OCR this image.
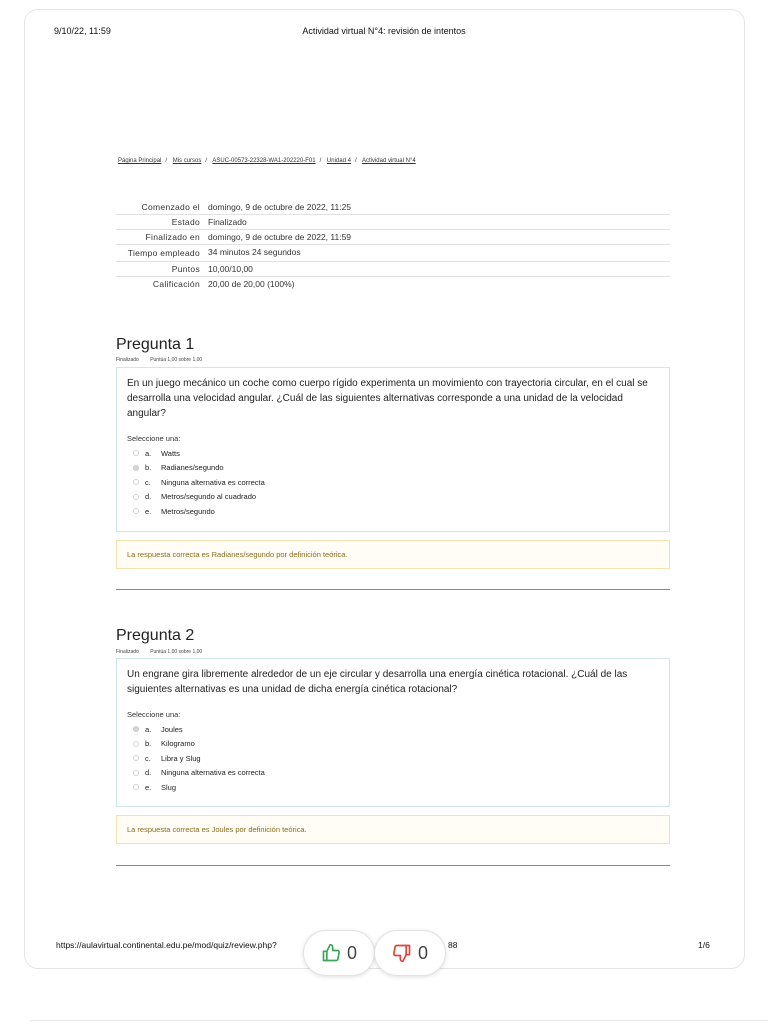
9/10/22, 11:59	Actividad virtual N°4: revisión de intentos
Página Principal / Mis cursos / ASUC-00573-22328-WA1-202220-F01 / Unidad 4 / Actividad virtual N°4
Comenzado el	domingo, 9 de octubre de 2022, 11:25
Estado	Finalizado
Finalizado en	domingo, 9 de octubre de 2022, 11:59
Tiempo empleado	34 minutos 24 segundos
Puntos	10,00/10,00
Calificación	20,00 de 20,00 (100%)
Pregunta 1
Finalizado Puntúa 1,00 sobre 1,00
En un juego mecánico un coche como cuerpo rígido experimenta un movimiento con trayectoria circular, en el cual se desarrolla una velocidad angular. ¿Cuál de las siguientes alternativas corresponde a una unidad de la velocidad angular?
Seleccione una:
a.	Watts
b.	Radianes/segundo
c.	Ninguna alternativa es correcta
d.	Metros/segundo al cuadrado
e.	Metros/segundo
La respuesta correcta es Radianes/segundo por definición teórica.
Pregunta 2
Finalizado Puntúa 1,00 sobre 1,00
Un engrane gira libremente alrededor de un eje circular y desarrolla una energía cinética rotacional. ¿Cuál de las siguientes alternativas es una unidad de dicha energía cinética rotacional?
Seleccione una:
a.	Joules
b.	Kilogramo
c.	Libra y Slug
d.	Ninguna alternativa es correcta
e.	Slug
La respuesta correcta es Joules por definición teórica.
https://aulavirtual.continental.edu.pe/mod/quiz/review.php?	88	1/6
0	0
